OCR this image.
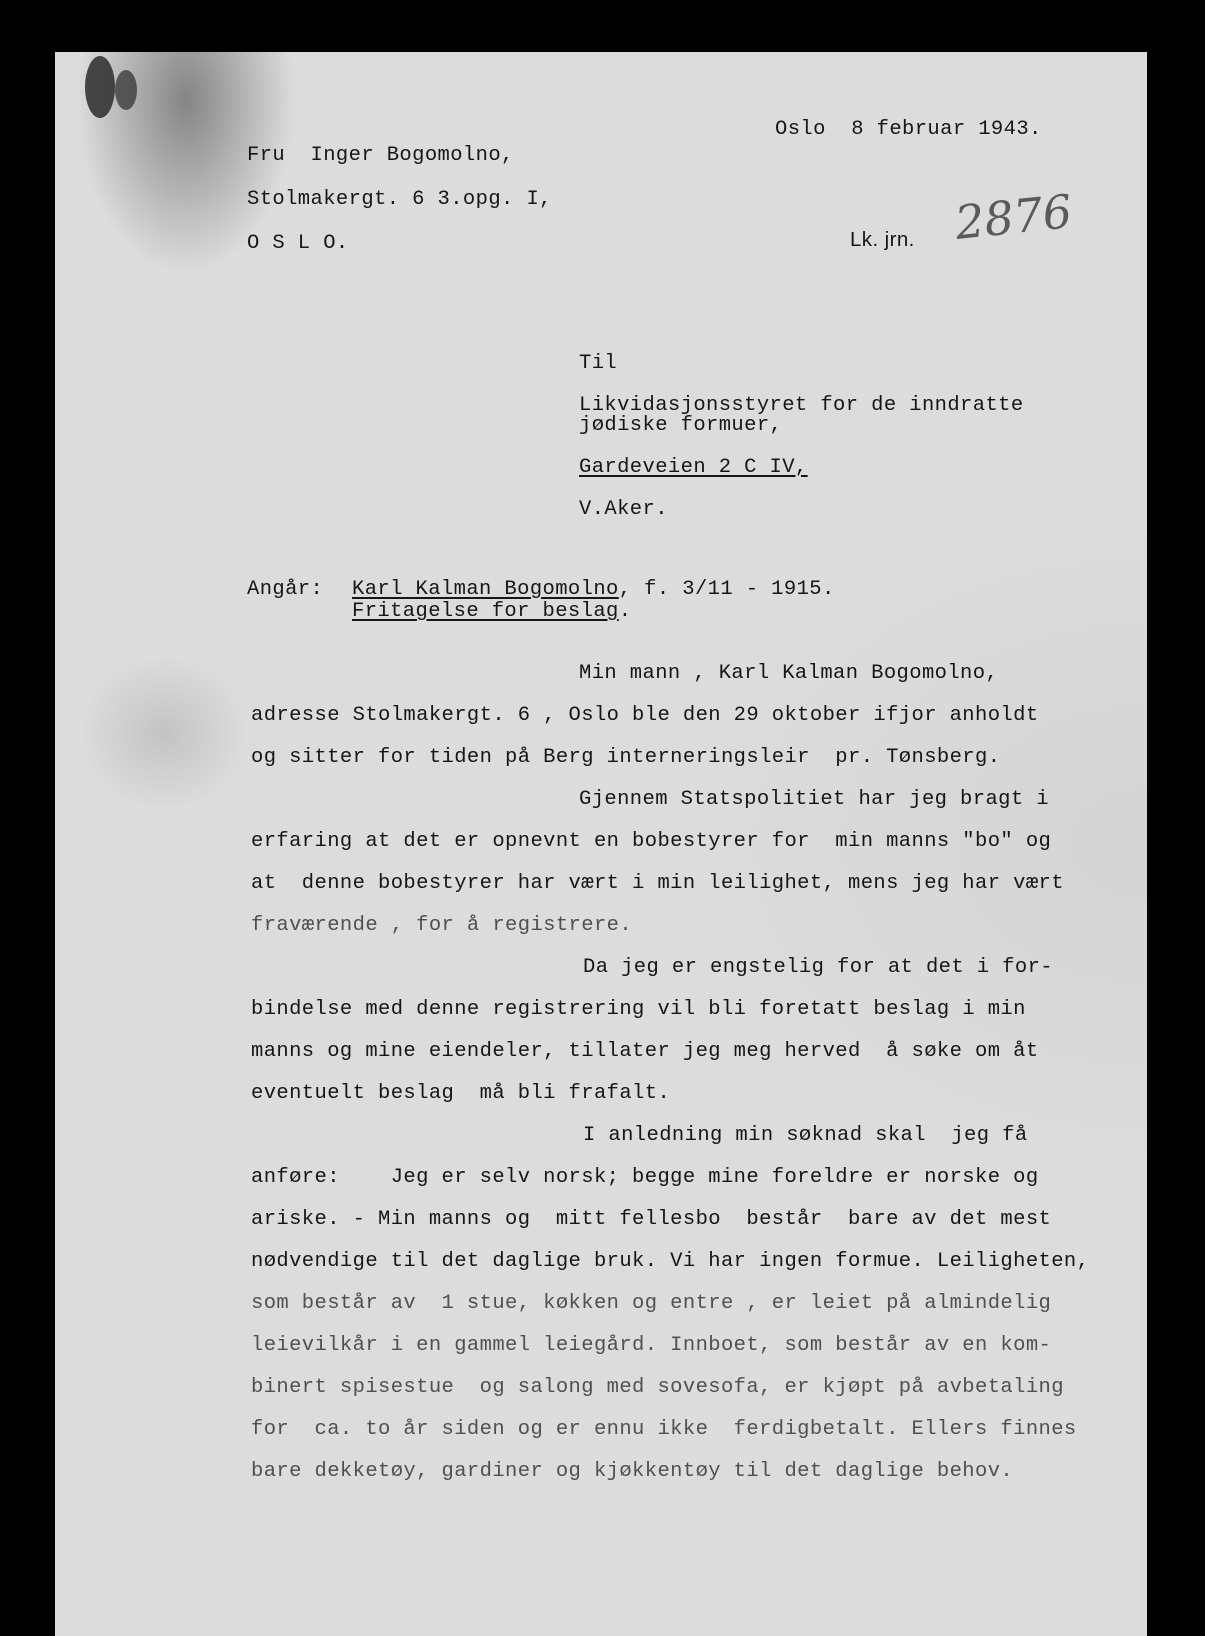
Oslo  8 februar 1943.
Fru  Inger Bogomolno,
Stolmakergt. 6 3.opg. I,
O S L O.	Lk. jrn. 2876
Til
Likvidasjonsstyret for de inndratte
jødiske formuer,
Gardeveien 2 C IV,
V.Aker.
Angår: Karl Kalman Bogomolno, f. 3/11 - 1915.
Fritagelse for beslag.
Min mann , Karl Kalman Bogomolno,
adresse Stolmakergt. 6 , Oslo ble den 29 oktober ifjor anholdt
og sitter for tiden på Berg interneringsleir  pr. Tønsberg.
Gjennem Statspolitiet har jeg bragt i
erfaring at det er opnevnt en bobestyrer for  min manns "bo" og
at  denne bobestyrer har vært i min leilighet, mens jeg har vært
fraværende , for å registrere.
Da jeg er engstelig for at det i for-
bindelse med denne registrering vil bli foretatt beslag i min
manns og mine eiendeler, tillater jeg meg herved  å søke om åt
eventuelt beslag  må bli frafalt.
I anledning min søknad skal  jeg få
anføre:    Jeg er selv norsk; begge mine foreldre er norske og
ariske. - Min manns og  mitt fellesbo  består  bare av det mest
nødvendige til det daglige bruk. Vi har ingen formue. Leiligheten,
som består av  1 stue, køkken og entre , er leiet på almindelig
leievilkår i en gammel leiegård. Innboet, som består av en kom-
binert spisestue  og salong med sovesofa, er kjøpt på avbetaling
for  ca. to år siden og er ennu ikke  ferdigbetalt. Ellers finnes
bare dekketøy, gardiner og kjøkkentøy til det daglige behov.
